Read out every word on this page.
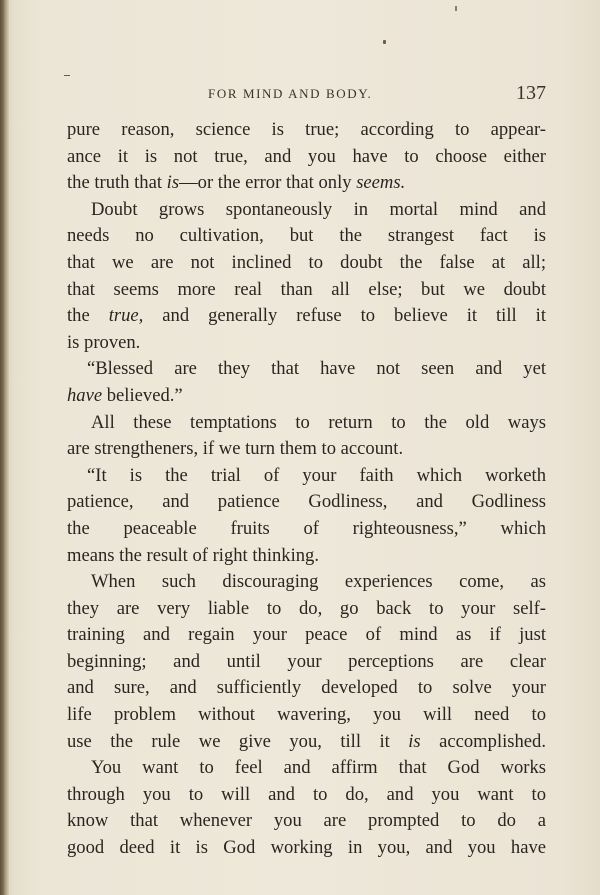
FOR MIND AND BODY.	137
pure reason, science is true; according to appear-
ance it is not true, and you have to choose either
the truth that is—or the error that only seems.
Doubt grows spontaneously in mortal mind and
needs no cultivation, but the strangest fact is
that we are not inclined to doubt the false at all;
that seems more real than all else; but we doubt
the true, and generally refuse to believe it till it
is proven.
“Blessed are they that have not seen and yet
have believed.”
All these temptations to return to the old ways
are strengtheners, if we turn them to account.
“It is the trial of your faith which worketh
patience, and patience Godliness, and Godliness
the peaceable fruits of righteousness,” which
means the result of right thinking.
When such discouraging experiences come, as
they are very liable to do, go back to your self-
training and regain your peace of mind as if just
beginning; and until your perceptions are clear
and sure, and sufficiently developed to solve your
life problem without wavering, you will need to
use the rule we give you, till it is accomplished.
You want to feel and affirm that God works
through you to will and to do, and you want to
know that whenever you are prompted to do a
good deed it is God working in you, and you have
